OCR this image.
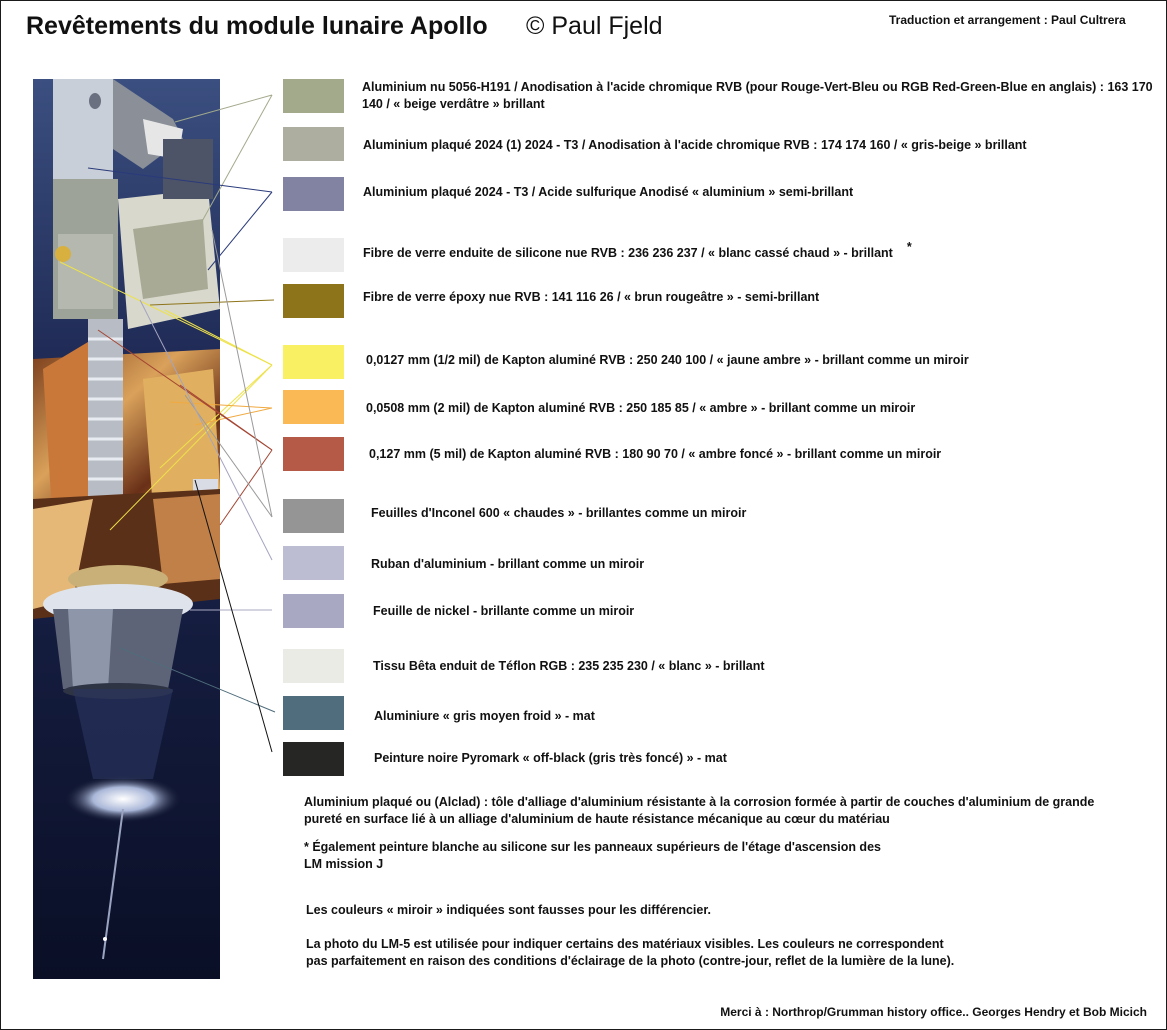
Revêtements du module lunaire Apollo © Paul Fjeld	Traduction et arrangement : Paul Cultrera
Aluminium nu 5056-H191 / Anodisation à l'acide chromique RVB (pour Rouge-Vert-Bleu ou RGB Red-Green-Blue en anglais) : 163 170 140 / « beige verdâtre » brillant
Aluminium plaqué 2024 (1) 2024 - T3 / Anodisation à l'acide chromique RVB : 174 174 160 / « gris-beige » brillant
Aluminium plaqué 2024 - T3 / Acide sulfurique Anodisé « aluminium » semi-brillant
Fibre de verre enduite de silicone nue RVB : 236 236 237 / « blanc cassé chaud » - brillant *
Fibre de verre époxy nue RVB : 141 116 26 / « brun rougeâtre » - semi-brillant
0,0127 mm (1/2 mil) de Kapton aluminé RVB : 250 240 100 / « jaune ambre » - brillant comme un miroir
0,0508 mm (2 mil) de Kapton aluminé RVB : 250 185 85 / « ambre » - brillant comme un miroir
0,127 mm (5 mil) de Kapton aluminé RVB : 180 90 70 / « ambre foncé » - brillant comme un miroir
Feuilles d'Inconel 600 « chaudes » - brillantes comme un miroir
Ruban d'aluminium - brillant comme un miroir
Feuille de nickel - brillante comme un miroir
Tissu Bêta enduit de Téflon RGB : 235 235 230 / « blanc » - brillant
Aluminiure « gris moyen froid » - mat
Peinture noire Pyromark « off-black (gris très foncé) » - mat
Aluminium plaqué ou (Alclad) : tôle d'alliage d'aluminium résistante à la corrosion formée à partir de couches d'aluminium de grande pureté en surface lié à un alliage d'aluminium de haute résistance mécanique au cœur du matériau
* Également peinture blanche au silicone sur les panneaux supérieurs de l'étage d'ascension des LM mission J
Les couleurs « miroir » indiquées sont fausses pour les différencier.
La photo du LM-5 est utilisée pour indiquer certains des matériaux visibles. Les couleurs ne correspondent pas parfaitement en raison des conditions d'éclairage de la photo (contre-jour, reflet de la lumière de la lune).
Merci à : Northrop/Grumman history office.. Georges Hendry et Bob Micich
